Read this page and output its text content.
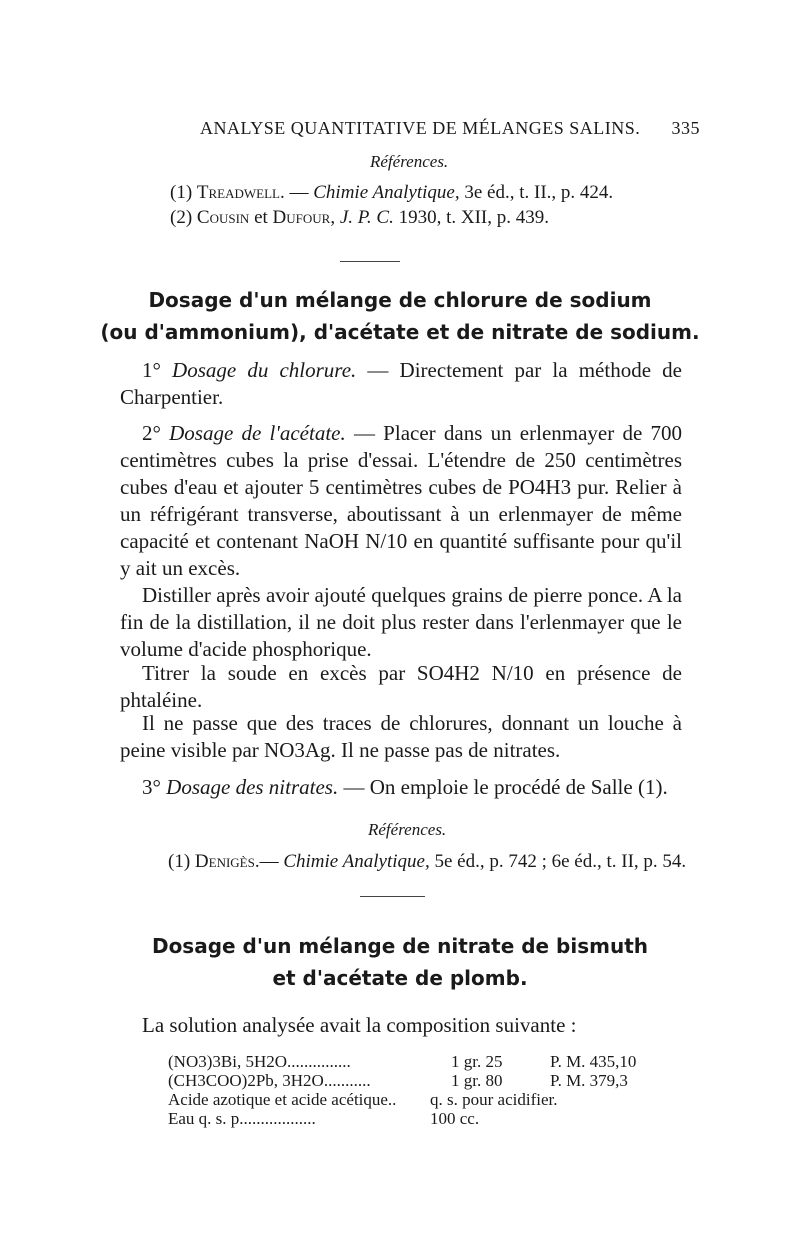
ANALYSE QUANTITATIVE DE MÉLANGES SALINS. 335
Références.
(1) Treadwell. — Chimie Analytique, 3e éd., t. II., p. 424.
(2) Cousin et Dufour, J. P. C. 1930, t. XII, p. 439.
Dosage d'un mélange de chlorure de sodium
(ou d'ammonium), d'acétate et de nitrate de sodium.
1° Dosage du chlorure. — Directement par la méthode de Charpentier.
2° Dosage de l'acétate. — Placer dans un erlenmayer de 700 centimètres cubes la prise d'essai. L'étendre de 250 centimètres cubes d'eau et ajouter 5 centimètres cubes de PO4H3 pur. Relier à un réfrigérant transverse, aboutissant à un erlenmayer de même capacité et contenant NaOH N/10 en quantité suffisante pour qu'il y ait un excès.
Distiller après avoir ajouté quelques grains de pierre ponce. A la fin de la distillation, il ne doit plus rester dans l'erlenmayer que le volume d'acide phosphorique.
Titrer la soude en excès par SO4H2 N/10 en présence de phtaléine.
Il ne passe que des traces de chlorures, donnant un louche à peine visible par NO3Ag. Il ne passe pas de nitrates.
3° Dosage des nitrates. — On emploie le procédé de Salle (1).
Références.
(1) Denigès.— Chimie Analytique, 5e éd., p. 742 ; 6e éd., t. II, p. 54.
Dosage d'un mélange de nitrate de bismuth
et d'acétate de plomb.
La solution analysée avait la composition suivante :
(NO3)3Bi, 5H2O...............	1 gr. 25	P. M. 435,10
(CH3COO)2Pb, 3H2O...........	1 gr. 80	P. M. 379,3
Acide azotique et acide acétique.. q. s. pour acidifier.
Eau q. s. p..................	100 cc.
